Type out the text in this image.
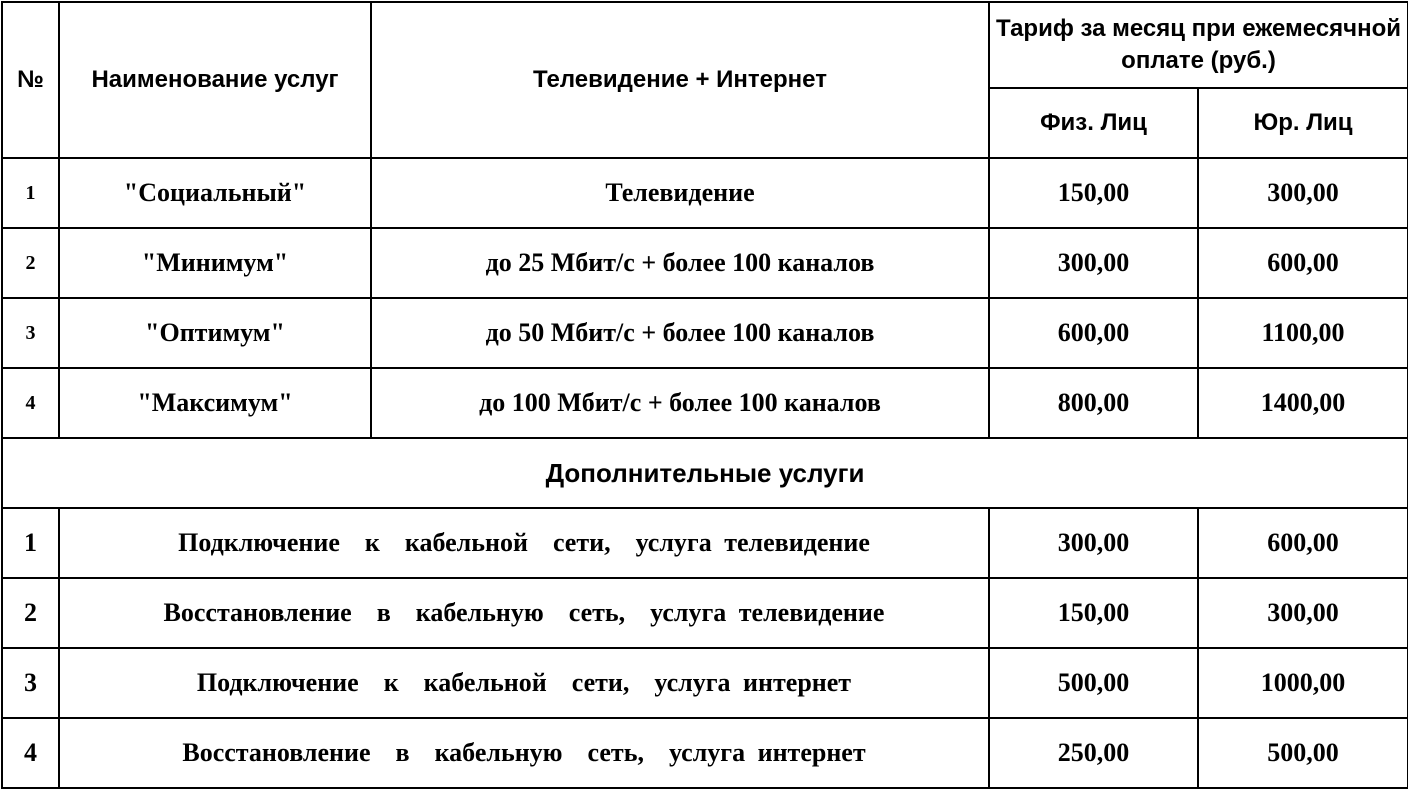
№	Наименование услуг	Телевидение + Интернет	Тариф за месяц при ежемесячной оплате (руб.)	
			Физ. Лиц	Юр. Лиц
1	"Социальный"	Телевидение	150,00	300,00
2	"Минимум"	до 25 Мбит/с + более 100 каналов	300,00	600,00
3	"Оптимум"	до 50 Мбит/с + более 100 каналов	600,00	1100,00
4	"Максимум"	до 100 Мбит/с + более 100 каналов	800,00	1400,00
Дополнительные услуги				
1	Подключение  к  кабельной  сети,  услуга телевидение		300,00	600,00
2	Восстановление  в  кабельную  сеть,  услуга телевидение		150,00	300,00
3	Подключение  к  кабельной  сети,  услуга интернет		500,00	1000,00
4	Восстановление  в  кабельную  сеть,  услуга интернет		250,00	500,00
